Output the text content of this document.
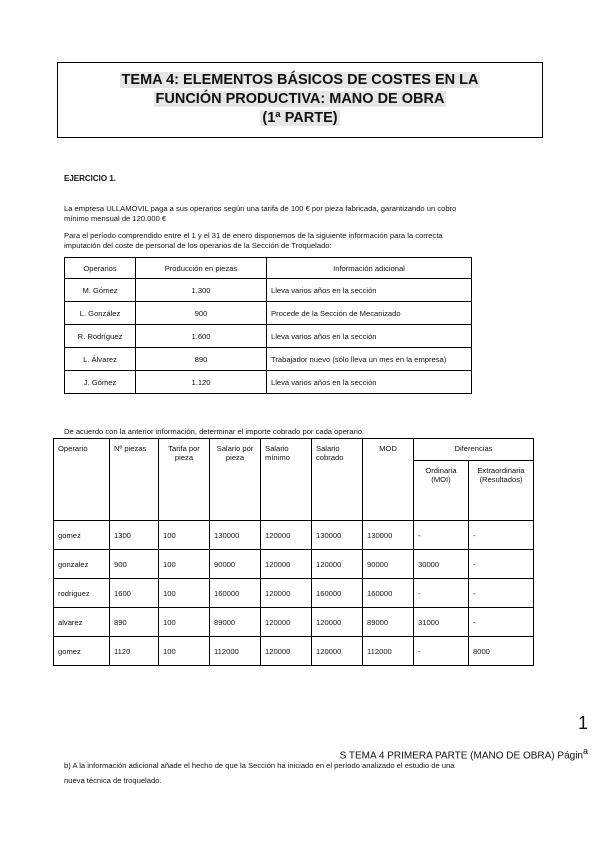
TEMA 4: ELEMENTOS BÁSICOS DE COSTES EN LA
FUNCIÓN PRODUCTIVA: MANO DE OBRA
(1ª PARTE)
EJERCICIO 1.
La empresa ULLAMÓVIL paga a sus operarios según una tarifa de 100 € por pieza fabricada, garantizando un cobro
mínimo mensual de 120.000 €
Para el período comprendido entre el 1 y el 31 de enero disponemos de la siguiente información para la correcta
imputación del coste de personal de los operarios de la Sección de Troquelado:
Operarios	Producción en piezas	Información adicional
M. Gómez	1.300	Lleva varios años en la sección
L. González	900	Procede de la Sección de Mecanizado
R. Rodríguez	1.600	Lleva varios años en la sección
L. Álvarez	890	Trabajador nuevo (sólo lleva un mes en la empresa)
J. Gómez	1.120	Lleva varios años en la sección
De acuerdo con la anterior información, determinar el importe cobrado por cada operario.
Operario	Nº piezas	Tarifa por pieza	Salario por pieza	Salario mínimo	Salario cobrado	MOD	Diferencias	
							Ordinaria (MOI)	Extraordinaria (Resultados)
gomez	1300	100	130000	120000	130000	130000	-	-
gonzalez	900	100	90000	120000	120000	90000	30000	-
rodriguez	1600	100	160000	120000	160000	160000	-	-
alvarez	890	100	89000	120000	120000	89000	31000	-
gomez	1120	100	112000	120000	120000	112000	-	8000
1
S TEMA 4 PRIMERA PARTE (MANO DE OBRA) Págin$^a$
b) A la información adicional añade el hecho de que la Sección ha iniciado en el período analizado el estudio de una
nueva técnica de troquelado.
